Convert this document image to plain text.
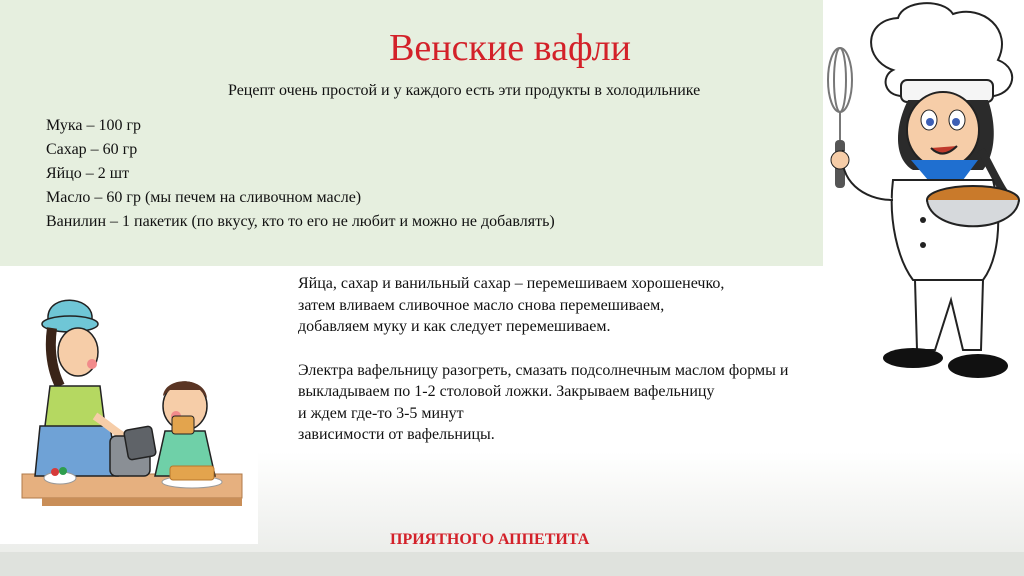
Венские вафли
Рецепт очень простой и у каждого есть эти продукты в холодильнике
Мука – 100 гр
Сахар – 60 гр
Яйцо – 2 шт
Масло – 60 гр (мы печем на сливочном масле)
Ванилин – 1 пакетик (по вкусу, кто то его не любит и можно не добавлять)

Яйца, сахар и ванильный сахар – перемешиваем хорошенечко,

затем вливаем сливочное масло снова перемешиваем,

добавляем муку и как следует перемешиваем.

Электра вафельницу разогреть, смазать подсолнечным маслом формы и

выкладываем по 1-2 столовой ложки. Закрываем вафельницу

и ждем где-то 3-5 минут

зависимости от вафельницы.

ПРИЯТНОГО АППЕТИТА
